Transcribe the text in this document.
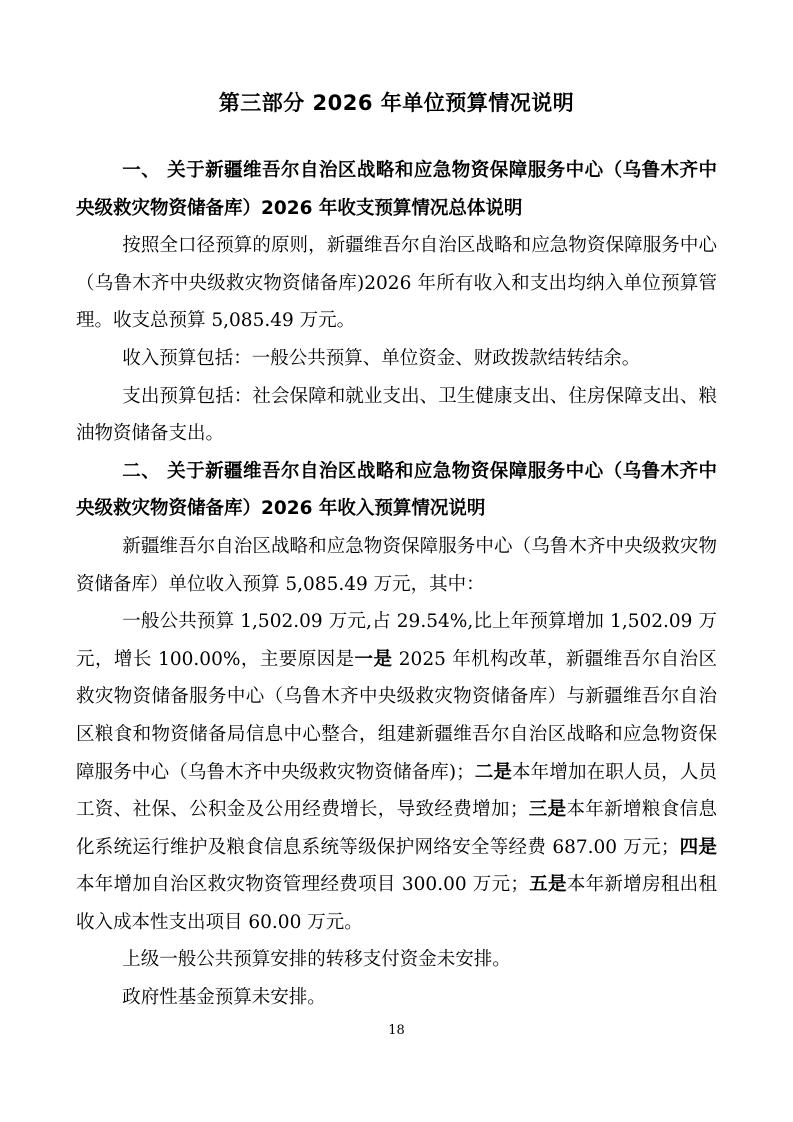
第三部分 2026 年单位预算情况说明

一、 关于新疆维吾尔自治区战略和应急物资保障服务中心（乌鲁木齐中央级救灾物资储备库）2026 年收支预算情况总体说明

按照全口径预算的原则，新疆维吾尔自治区战略和应急物资保障服务中心（乌鲁木齐中央级救灾物资储备库)2026 年所有收入和支出均纳入单位预算管理。收支总预算 5,085.49 万元。

收入预算包括：一般公共预算、单位资金、财政拨款结转结余。

支出预算包括：社会保障和就业支出、卫生健康支出、住房保障支出、粮油物资储备支出。

二、 关于新疆维吾尔自治区战略和应急物资保障服务中心（乌鲁木齐中央级救灾物资储备库）2026 年收入预算情况说明

新疆维吾尔自治区战略和应急物资保障服务中心（乌鲁木齐中央级救灾物资储备库）单位收入预算 5,085.49 万元，其中：

一般公共预算 1,502.09 万元,占 29.54%,比上年预算增加 1,502.09 万元，增长 100.00%，主要原因是一是 2025 年机构改革，新疆维吾尔自治区救灾物资储备服务中心（乌鲁木齐中央级救灾物资储备库）与新疆维吾尔自治区粮食和物资储备局信息中心整合，组建新疆维吾尔自治区战略和应急物资保障服务中心（乌鲁木齐中央级救灾物资储备库)；二是本年增加在职人员，人员工资、社保、公积金及公用经费增长，导致经费增加；三是本年新增粮食信息化系统运行维护及粮食信息系统等级保护网络安全等经费 687.00 万元；四是本年增加自治区救灾物资管理经费项目 300.00 万元；五是本年新增房租出租收入成本性支出项目 60.00 万元。

上级一般公共预算安排的转移支付资金未安排。

政府性基金预算未安排。

18
